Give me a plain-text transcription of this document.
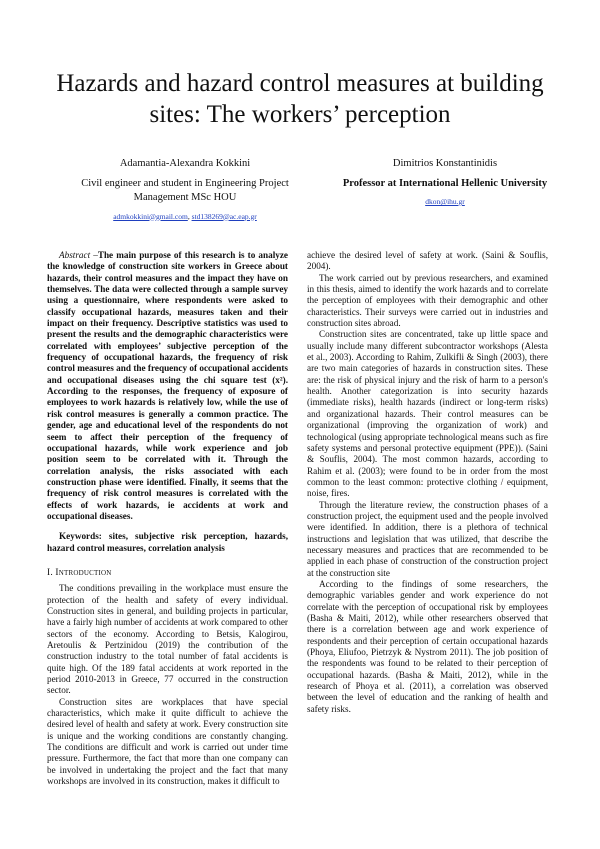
Hazards and hazard control measures at building sites: The workers’ perception
Adamantia-Alexandra Kokkini
Civil engineer and student in Engineering Project Management MSc HOU
admkokkini@gmail.com, std138269@ac.eap.gr
Dimitrios Konstantinidis
Professor at International Hellenic University
dkon@ihu.gr

Abstract –The main purpose of this research is to analyze the knowledge of construction site workers in Greece about hazards, their control measures and the impact they have on themselves. The data were collected through a sample survey using a questionnaire, where respondents were asked to classify occupational hazards, measures taken and their impact on their frequency. Descriptive statistics was used to present the results and the demographic characteristics were correlated with employees’ subjective perception of the frequency of occupational hazards, the frequency of risk control measures and the frequency of occupational accidents and occupational diseases using the chi square test (x²). According to the responses, the frequency of exposure of employees to work hazards is relatively low, while the use of risk control measures is generally a common practice. The gender, age and educational level of the respondents do not seem to affect their perception of the frequency of occupational hazards, while work experience and job position seem to be correlated with it. Through the correlation analysis, the risks associated with each construction phase were identified. Finally, it seems that the frequency of risk control measures is correlated with the effects of work hazards, ie accidents at work and occupational diseases.

Keywords: sites, subjective risk perception, hazards, hazard control measures, correlation analysis

I. Introduction

The conditions prevailing in the workplace must ensure the protection of the health and safety of every individual. Construction sites in general, and building projects in particular, have a fairly high number of accidents at work compared to other sectors of the economy. According to Betsis, Kalogirou, Aretoulis & Pertzinidou (2019) the contribution of the construction industry to the total number of fatal accidents is quite high. Of the 189 fatal accidents at work reported in the period 2010-2013 in Greece, 77 occurred in the construction sector.

Construction sites are workplaces that have special characteristics, which make it quite difficult to achieve the desired level of health and safety at work. Every construction site is unique and the working conditions are constantly changing. The conditions are difficult and work is carried out under time pressure. Furthermore, the fact that more than one company can be involved in undertaking the project and the fact that many workshops are involved in its construction, makes it difficult to

achieve the desired level of safety at work. (Saini & Souflis, 2004).

The work carried out by previous researchers, and examined in this thesis, aimed to identify the work hazards and to correlate the perception of employees with their demographic and other characteristics. Their surveys were carried out in industries and construction sites abroad.

Construction sites are concentrated, take up little space and usually include many different subcontractor workshops (Alesta et al., 2003). According to Rahim, Zulkifli & Singh (2003), there are two main categories of hazards in construction sites. These are: the risk of physical injury and the risk of harm to a person's health. Another categorization is into security hazards (immediate risks), health hazards (indirect or long-term risks) and organizational hazards. Their control measures can be organizational (improving the organization of work) and technological (using appropriate technological means such as fire safety systems and personal protective equipment (PPE)). (Saini & Souflis, 2004). The most common hazards, according to Rahim et al. (2003); were found to be in order from the most common to the least common: protective clothing / equipment, noise, fires.

Through the literature review, the construction phases of a construction project, the equipment used and the people involved were identified. In addition, there is a plethora of technical instructions and legislation that was utilized, that describe the necessary measures and practices that are recommended to be applied in each phase of construction of the construction project at the construction site

According to the findings of some researchers, the demographic variables gender and work experience do not correlate with the perception of occupational risk by employees (Basha & Maiti, 2012), while other researchers observed that there is a correlation between age and work experience of respondents and their perception of certain occupational hazards (Phoya, Eliufoo, Pietrzyk & Nystrom 2011). The job position of the respondents was found to be related to their perception of occupational hazards. (Basha & Maiti, 2012), while in the research of Phoya et al. (2011), a correlation was observed between the level of education and the ranking of health and safety risks.
